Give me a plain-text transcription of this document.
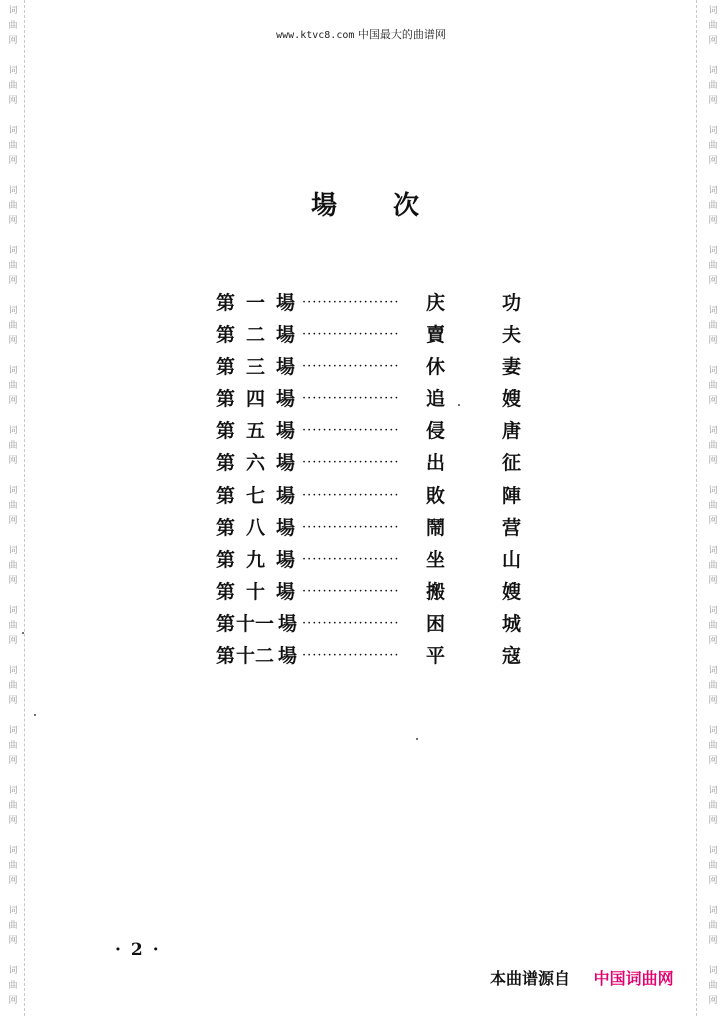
词
曲
网
词
曲
网
词
曲
网
词
曲
网
词
曲
网
词
曲
网
词
曲
网
词
曲
网
词
曲
网
词
曲
网
词
曲
网
词
曲
网
词
曲
网
词
曲
网
词
曲
网
词
曲
网
词
曲
网
词
曲
网
词
曲
网
词
曲
网
词
曲
网
词
曲
网
词
曲
网
词
曲
网
词
曲
网
词
曲
网
词
曲
网
词
曲
网
词
曲
网
词
曲
网
词
曲
网
词
曲
网
词
曲
网
词
曲
网
www.ktvc8.com 中国最大的曲谱网
場 次
第 一 場 ···················	庆	功
第 二 場 ···················	賣	夫
第 三 場 ···················	休	妻
第 四 場 ···················	追	嫂
第 五 場 ···················	侵	唐
第 六 場 ···················	出	征
第 七 場 ···················	敗	陣
第 八 場 ···················	鬧	营
第 九 場 ···················	坐	山
第 十 場 ···················	搬	嫂
第 十一 場 ···················	困	城
第 十二 場 ···················	平	寇
·2·
本曲谱源自 中国词曲网
